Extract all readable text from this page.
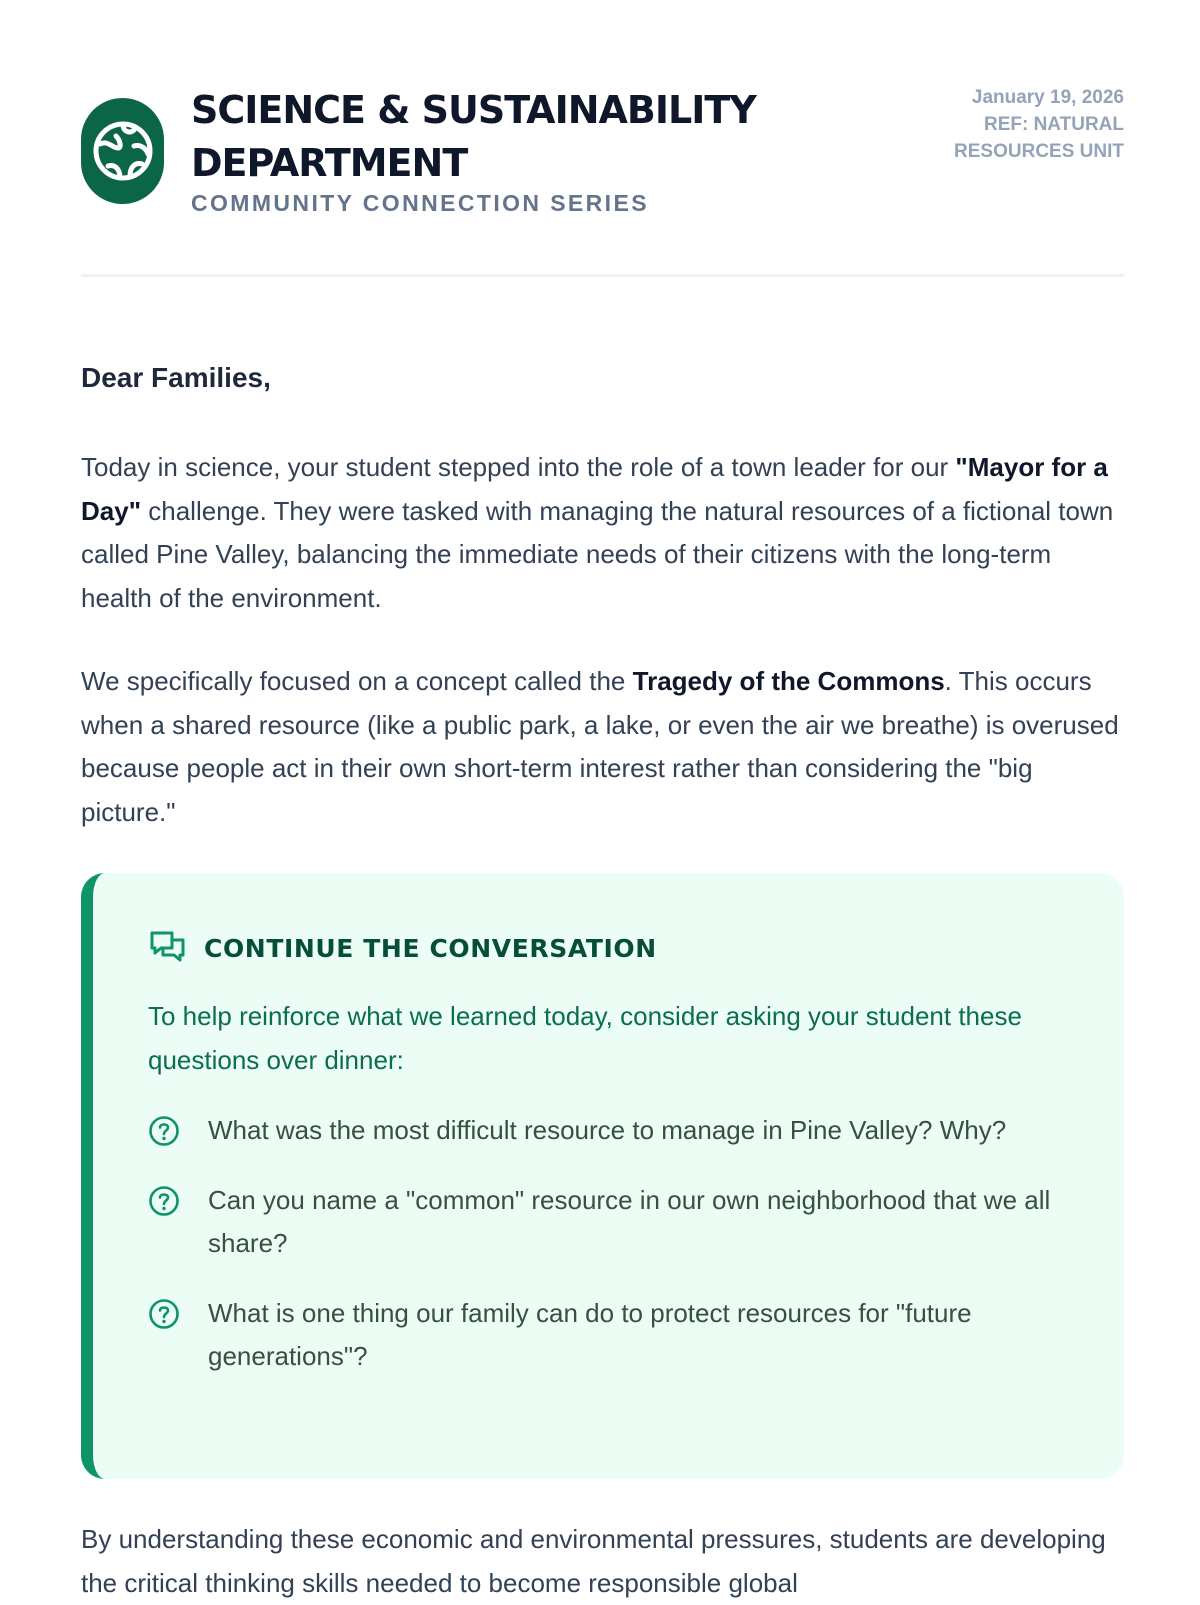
SCIENCE & SUSTAINABILITY
DEPARTMENT
COMMUNITY CONNECTION SERIES
January 19, 2026
REF: NATURAL
RESOURCES UNIT
Dear Families,

Today in science, your student stepped into the role of a town leader for our "Mayor for a Day" challenge. They were tasked with managing the natural resources of a fictional town called Pine Valley, balancing the immediate needs of their citizens with the long-term health of the environment.

We specifically focused on a concept called the Tragedy of the Commons. This occurs when a shared resource (like a public park, a lake, or even the air we breathe) is overused because people act in their own short-term interest rather than considering the "big picture."

CONTINUE THE CONVERSATION
To help reinforce what we learned today, consider asking your student these questions over dinner:
What was the most difficult resource to manage in Pine Valley? Why?
Can you name a "common" resource in our own neighborhood that we all share?
What is one thing our family can do to protect resources for "future generations"?

By understanding these economic and environmental pressures, students are developing the critical thinking skills needed to become responsible global
